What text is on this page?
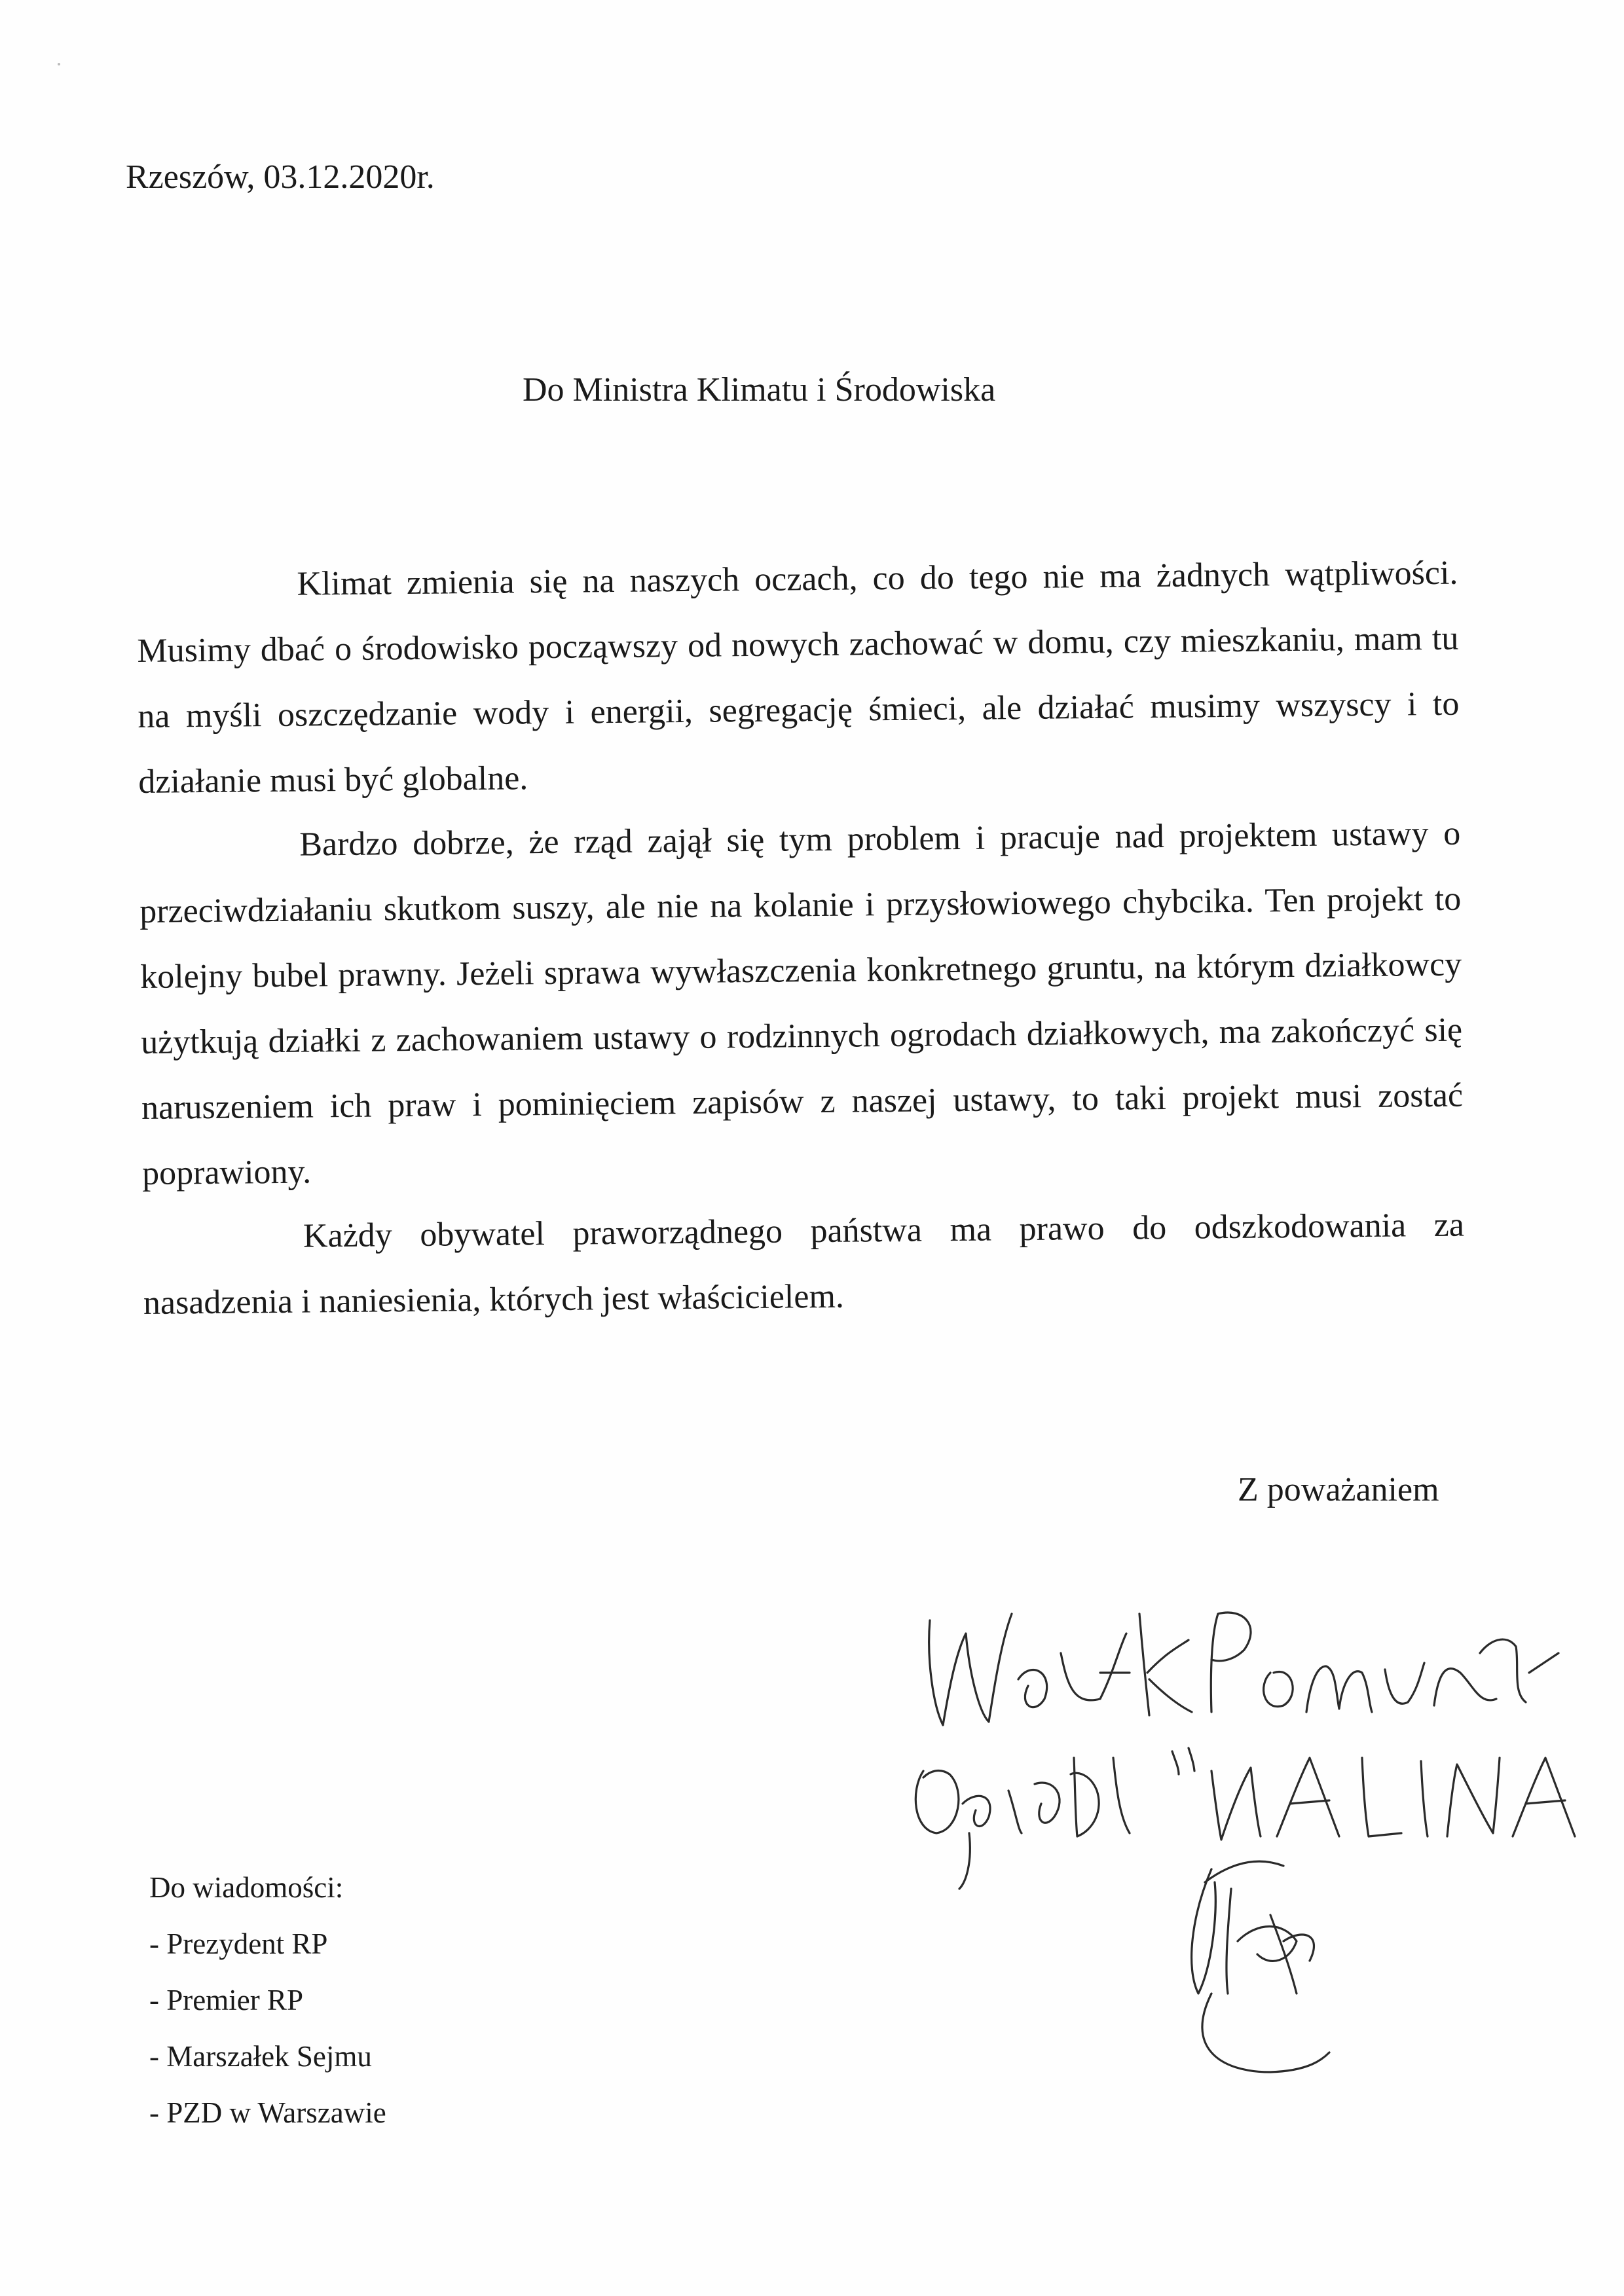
Rzeszów, 03.12.2020r.
Do Ministra Klimatu i Środowiska

Klimat zmienia się na naszych oczach, co do tego nie ma żadnych wątpliwości. Musimy dbać o środowisko począwszy od nowych zachować w domu, czy mieszkaniu, mam tu na myśli oszczędzanie wody i energii, segregację śmieci, ale działać musimy wszyscy i to działanie musi być globalne.

Bardzo dobrze, że rząd zajął się tym problem i pracuje nad projektem ustawy o przeciwdziałaniu skutkom suszy, ale nie na kolanie i przysłowiowego chybcika. Ten projekt to kolejny bubel prawny. Jeżeli sprawa wywłaszczenia konkretnego gruntu, na którym działkowcy użytkują działki z zachowaniem ustawy o rodzinnych ogrodach działkowych, ma zakończyć się naruszeniem ich praw i pominięciem zapisów z naszej ustawy, to taki projekt musi zostać poprawiony.

Każdy obywatel praworządnego państwa ma prawo do odszkodowania za nasadzenia i naniesienia, których jest właścicielem.

Z poważaniem
Do wiadomości:
- Prezydent RP
- Premier RP
- Marszałek Sejmu
- PZD w Warszawie
